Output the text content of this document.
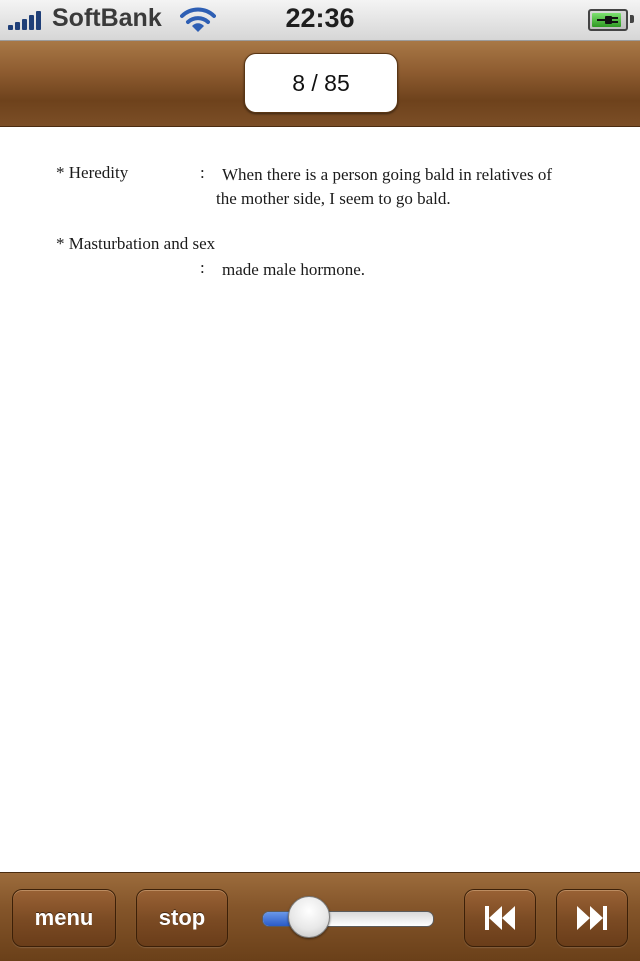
SoftBank	22:36
8 / 85
* Heredity	:	When there is a person going bald in relatives of the mother side, I seem to go bald.
* Masturbation and sex
:	made male hormone.
menu	stop
